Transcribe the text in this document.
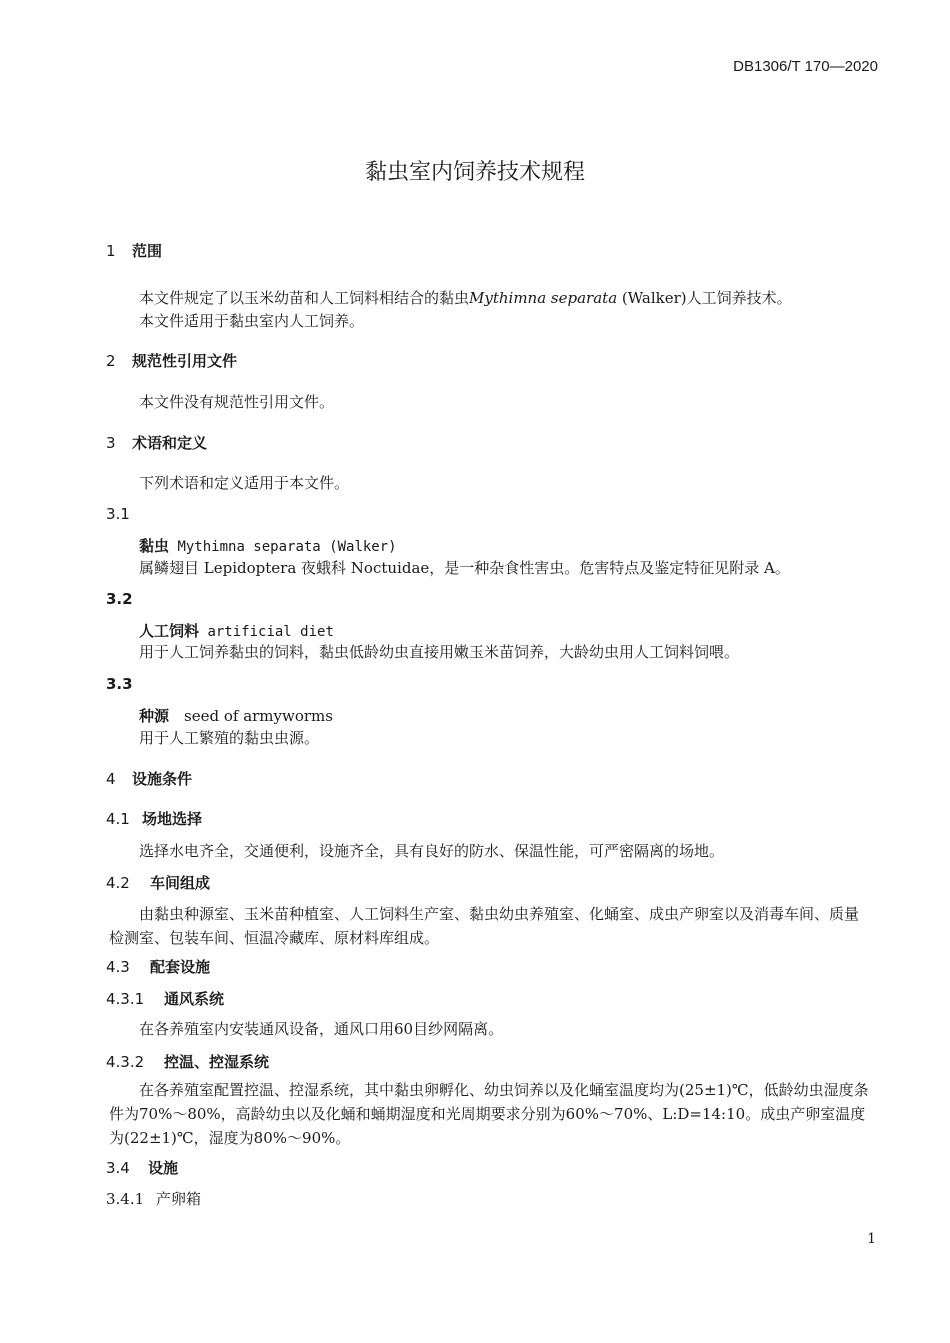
DB1306/T 170—2020
黏虫室内饲养技术规程
1 范围
本文件规定了以玉米幼苗和人工饲料相结合的黏虫Mythimna separata (Walker)人工饲养技术。
本文件适用于黏虫室内人工饲养。
2 规范性引用文件
本文件没有规范性引用文件。
3 术语和定义
下列术语和定义适用于本文件。
3.1
黏虫 Mythimna separata (Walker)
属鳞翅目 Lepidoptera 夜蛾科 Noctuidae，是一种杂食性害虫。危害特点及鉴定特征见附录 A。
3.2
人工饲料 artificial diet
用于人工饲养黏虫的饲料，黏虫低龄幼虫直接用嫩玉米苗饲养，大龄幼虫用人工饲料饲喂。
3.3
种源　seed of armyworms
用于人工繁殖的黏虫虫源。
4 设施条件
4.1 场地选择
选择水电齐全，交通便利，设施齐全，具有良好的防水、保温性能，可严密隔离的场地。
4.2 车间组成
由黏虫种源室、玉米苗种植室、人工饲料生产室、黏虫幼虫养殖室、化蛹室、成虫产卵室以及消毒车间、质量检测室、包装车间、恒温冷藏库、原材料库组成。
4.3 配套设施
4.3.1 通风系统
在各养殖室内安装通风设备，通风口用60目纱网隔离。
4.3.2 控温、控湿系统
在各养殖室配置控温、控湿系统，其中黏虫卵孵化、幼虫饲养以及化蛹室温度均为(25±1)℃，低龄幼虫湿度条件为70%～80%，高龄幼虫以及化蛹和蛹期湿度和光周期要求分别为60%～70%、L:D=14:10。成虫产卵室温度为(22±1)℃，湿度为80%～90%。
3.4 设施
3.4.1 产卵箱
1
